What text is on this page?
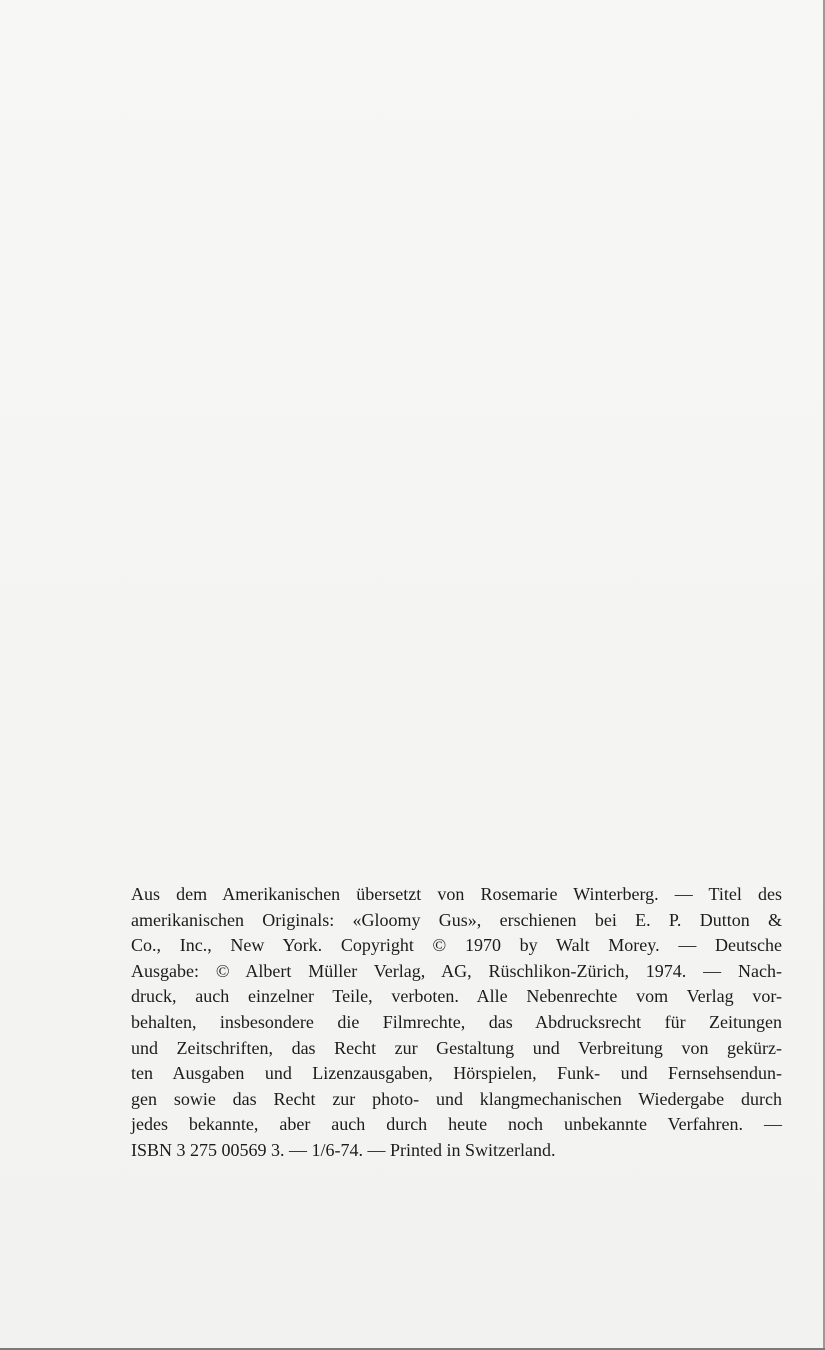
Aus dem Amerikanischen übersetzt von Rosemarie Winterberg. — Titel des
amerikanischen Originals: «Gloomy Gus», erschienen bei E. P. Dutton &
Co., Inc., New York. Copyright © 1970 by Walt Morey. — Deutsche
Ausgabe: © Albert Müller Verlag, AG, Rüschlikon-Zürich, 1974. — Nach-
druck, auch einzelner Teile, verboten. Alle Nebenrechte vom Verlag vor-
behalten, insbesondere die Filmrechte, das Abdrucksrecht für Zeitungen
und Zeitschriften, das Recht zur Gestaltung und Verbreitung von gekürz-
ten Ausgaben und Lizenzausgaben, Hörspielen, Funk- und Fernsehsendun-
gen sowie das Recht zur photo- und klangmechanischen Wiedergabe durch
jedes bekannte, aber auch durch heute noch unbekannte Verfahren. —
ISBN 3 275 00569 3. — 1/6-74. — Printed in Switzerland.
